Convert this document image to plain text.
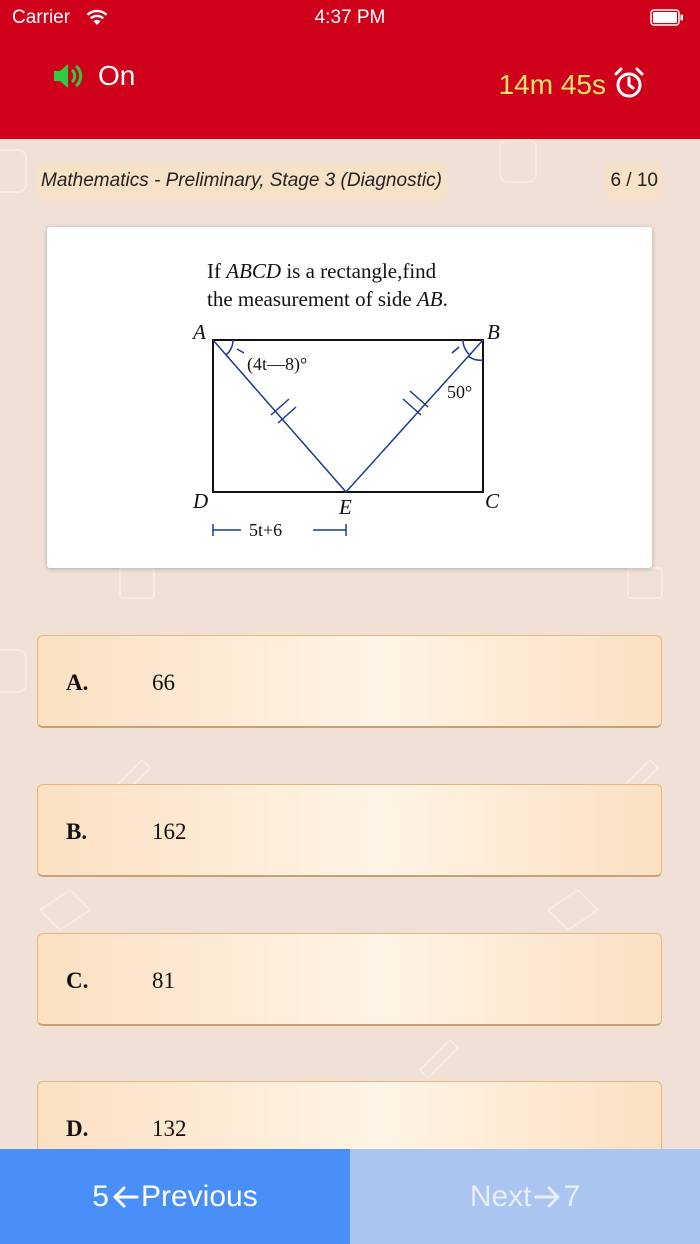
Carrier	4:37 PM
On	14m 45s
Mathematics - Preliminary, Stage 3 (Diagnostic)	6 / 10
If ABCD is a rectangle,find
the measurement of side AB.
A	B
C
D	E
(4t—8)°
50°
5t+6
A.	66
B.	162
C.	81
D.	132
5 Previous	Next 7
